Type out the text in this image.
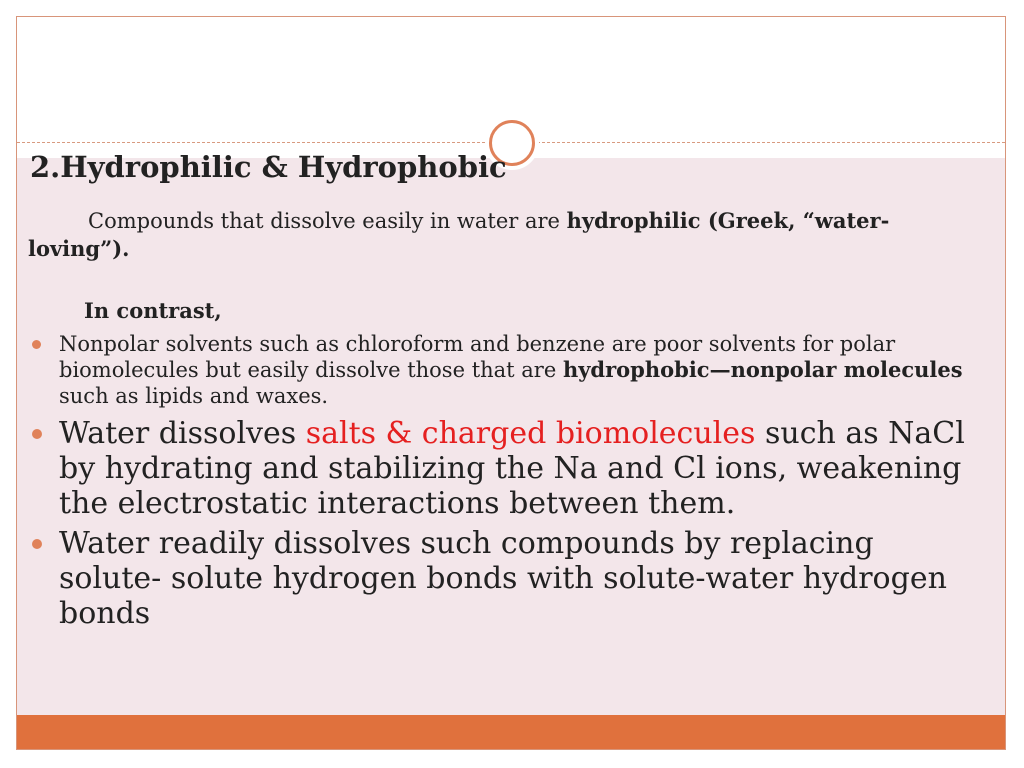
2.Hydrophilic & Hydrophobic

Compounds that dissolve easily in water are hydrophilic (Greek, “water-loving”).

In contrast,

Nonpolar solvents such as chloroform and benzene are poor solvents for polar biomolecules but easily dissolve those that are hydrophobic—nonpolar molecules such as lipids and waxes.
Water dissolves salts & charged biomolecules such as NaCl by hydrating and stabilizing the Na and Cl ions, weakening the electrostatic interactions between them.
Water readily dissolves such compounds by replacing solute- solute hydrogen bonds with solute-water hydrogen bonds
